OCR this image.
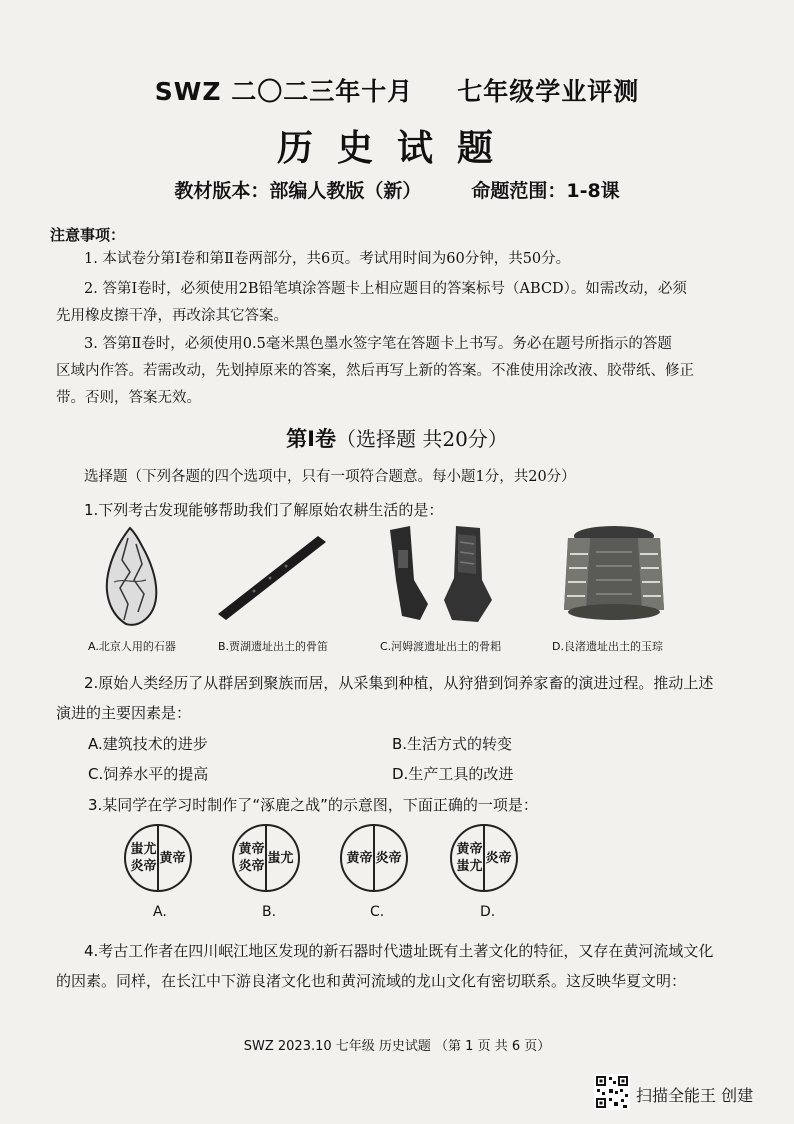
SWZ 二〇二三年十月 七年级学业评测
历史试题
教材版本：部编人教版（新）	命题范围：1-8课
注意事项：
1. 本试卷分第Ⅰ卷和第Ⅱ卷两部分，共6页。考试用时间为60分钟，共50分。
2. 答第Ⅰ卷时，必须使用2B铅笔填涂答题卡上相应题目的答案标号（ABCD）。如需改动，必须
先用橡皮擦干净，再改涂其它答案。
3. 答第Ⅱ卷时，必须使用0.5毫米黑色墨水签字笔在答题卡上书写。务必在题号所指示的答题
区域内作答。若需改动，先划掉原来的答案，然后再写上新的答案。不准使用涂改液、胶带纸、修正
带。否则，答案无效。
第Ⅰ卷（选择题 共20分）
选择题（下列各题的四个选项中，只有一项符合题意。每小题1分，共20分）
1.下列考古发现能够帮助我们了解原始农耕生活的是：
A.北京人用的石器	B.贾湖遗址出土的骨笛	C.河姆渡遗址出土的骨耜	D.良渚遗址出土的玉琮
2.原始人类经历了从群居到聚族而居，从采集到种植，从狩猎到饲养家畜的演进过程。推动上述
演进的主要因素是：
A.建筑技术的进步	B.生活方式的转变
C.饲养水平的提高	D.生产工具的改进
3.某同学在学习时制作了“涿鹿之战”的示意图，下面正确的一项是：
蚩尤
炎帝
黄帝
A.
黄帝
炎帝
蚩尤
B.
黄帝 炎帝
C.
黄帝
蚩尤
炎帝
D.
4.考古工作者在四川岷江地区发现的新石器时代遗址既有土著文化的特征，又存在黄河流域文化
的因素。同样，在长江中下游良渚文化也和黄河流域的龙山文化有密切联系。这反映华夏文明：
SWZ 2023.10 七年级 历史试题 （第 1 页 共 6 页）
扫描全能王 创建
